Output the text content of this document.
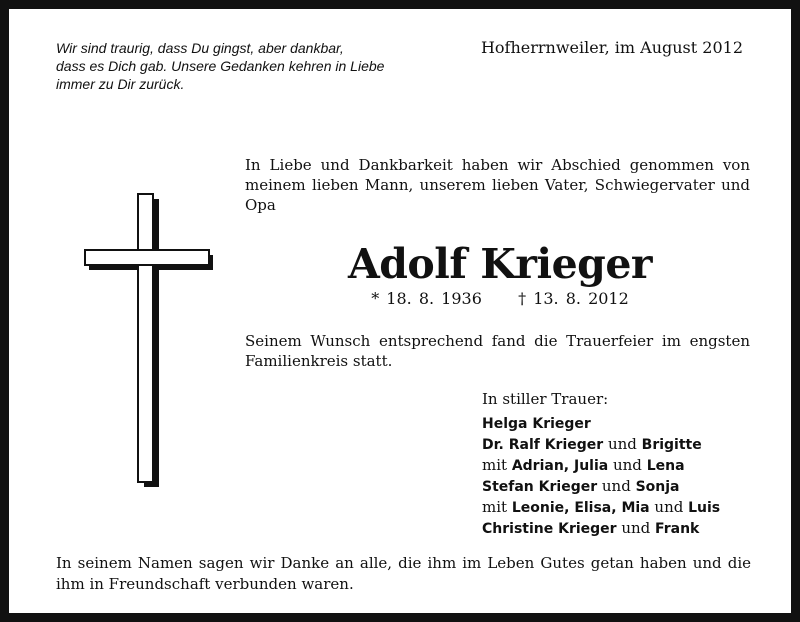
Wir sind traurig, dass Du gingst, aber dankbar,
dass es Dich gab. Unsere Gedanken kehren in Liebe
immer zu Dir zurück.

Hofherrnweiler, im August 2012

In Liebe und Dankbarkeit haben wir Abschied genommen von meinem lieben Mann, unserem lieben Vater, Schwiegervater und Opa

Adolf Krieger
* 18. 8. 1936 † 13. 8. 2012

Seinem Wunsch entsprechend fand die Trauerfeier im engsten Familienkreis statt.

In stiller Trauer:
Helga Krieger
Dr. Ralf Krieger und Brigitte
mit Adrian, Julia und Lena
Stefan Krieger und Sonja
mit Leonie, Elisa, Mia und Luis
Christine Krieger und Frank

In seinem Namen sagen wir Danke an alle, die ihm im Leben Gutes getan haben und die ihm in Freundschaft verbunden waren.
